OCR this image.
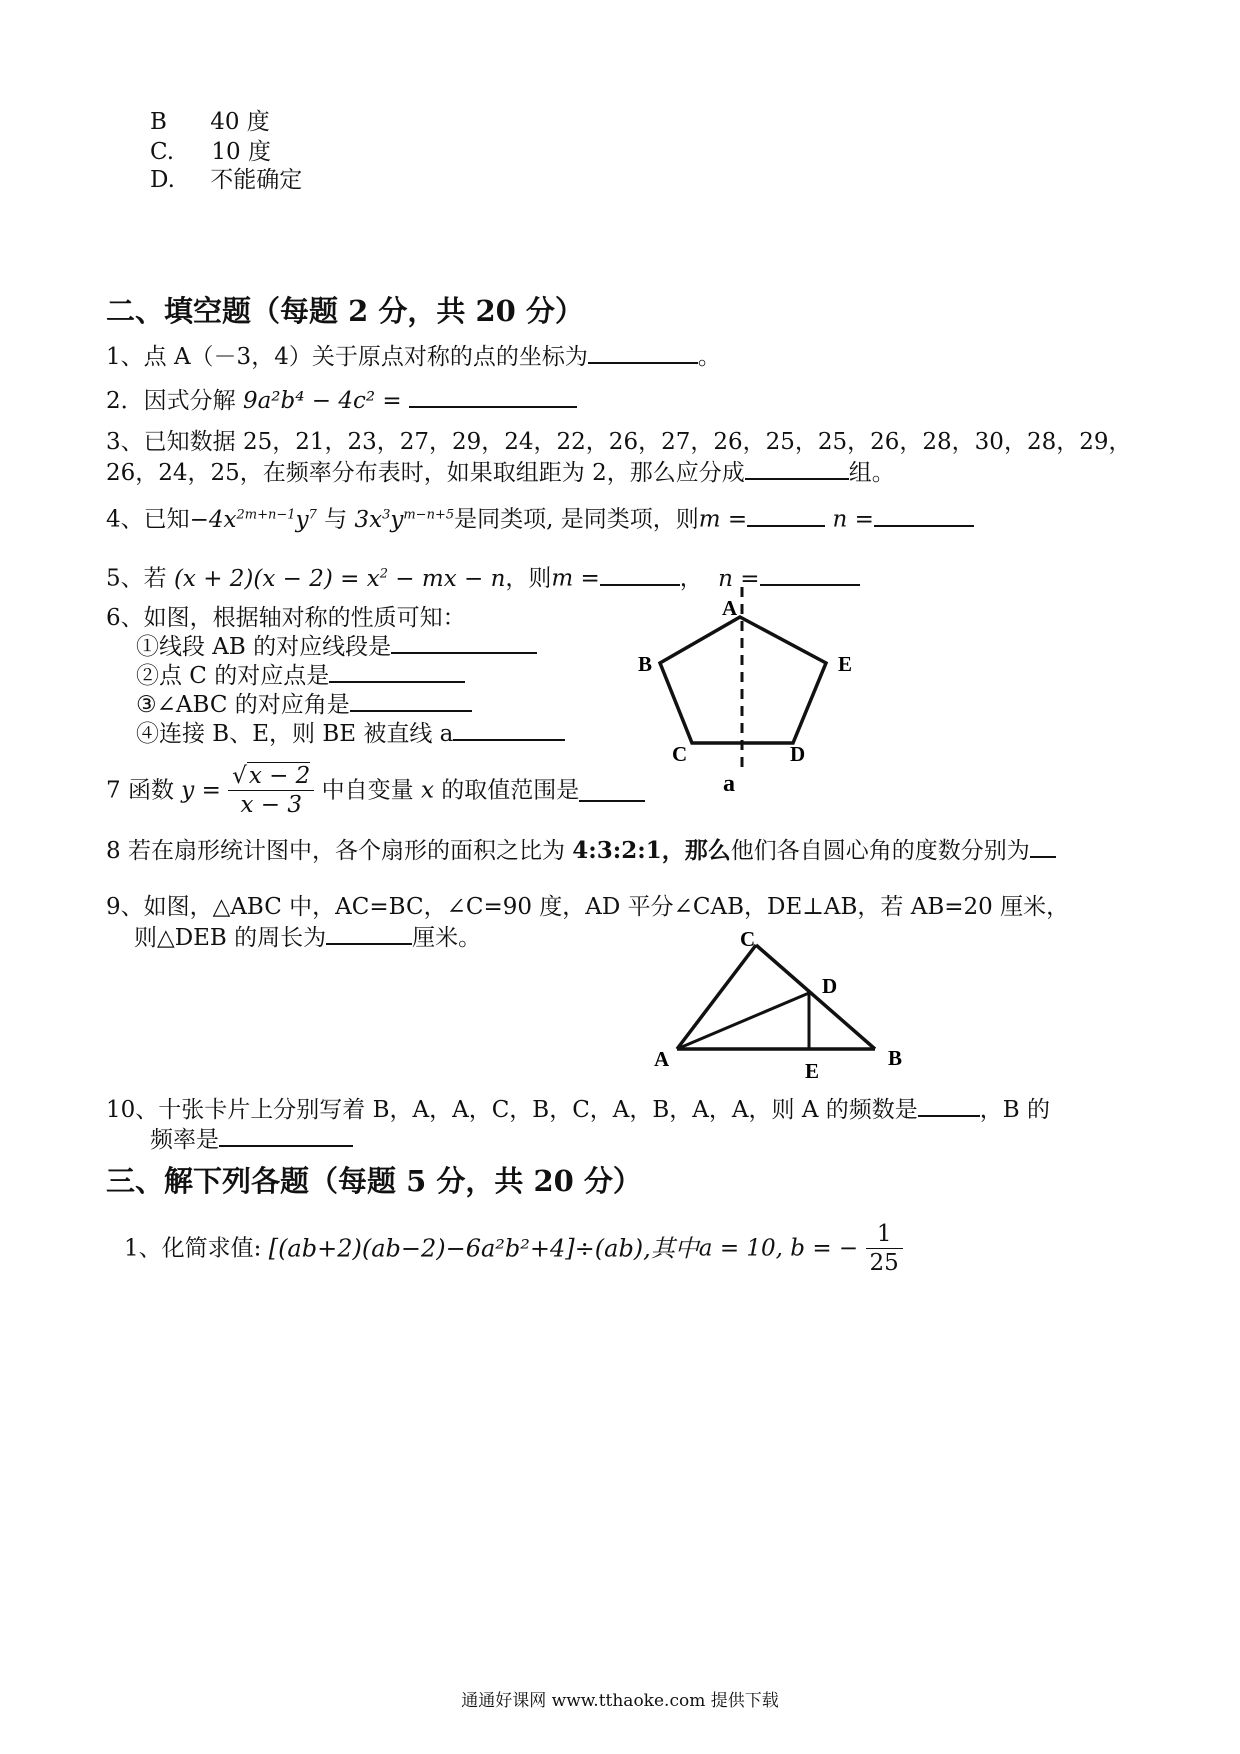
B 40 度
C. 10 度
D. 不能确定
二、填空题（每题 2 分，共 20 分）
1、点 A（－3，4）关于原点对称的点的坐标为	。
2．因式分解 9a²b⁴ − 4c² =
3、已知数据 25，21，23，27，29，24，22，26，27，26，25，25，26，28，30，28，29，
26，24，25，在频率分布表时，如果取组距为 2，那么应分成	组。
4、已知$-4x^{2m+n-1}y^7$ 与 $3x^3y^{m-n+5}$是同类项, 是同类项，则m =	n =
5、若 $(x + 2)(x - 2) = x^2$ − mx − n，则m =	， n =
6、如图，根据轴对称的性质可知：
①线段 AB 的对应线段是
②点 C 的对应点是
③∠ABC 的对应角是
④连接 B、E，则 BE 被直线 a
A
B	E
C	D
a
7 函数 $y = \frac{√x - 2}{x - 3}$ 中自变量 x 的取值范围是
8 若在扇形统计图中，各个扇形的面积之比为 4:3:2:1，那么他们各自圆心角的度数分别为
9、如图，△ABC 中，AC=BC，∠C=90 度，AD 平分∠CAB，DE⊥AB，若 AB=20 厘米，
则△DEB 的周长为	厘米。	C
D
A	E
B
10、十张卡片上分别写着 B，A，A，C，B，C，A，B，A，A，则 A 的频数是	，B 的
频率是
三、解下列各题（每题 5 分，共 20 分）
1、化简求值: [(ab+2)(ab−2)−6a²b²+4]÷(ab),其中a = 10, b = − $\frac{1}{25}$
通通好课网 www.tthaoke.com 提供下载
